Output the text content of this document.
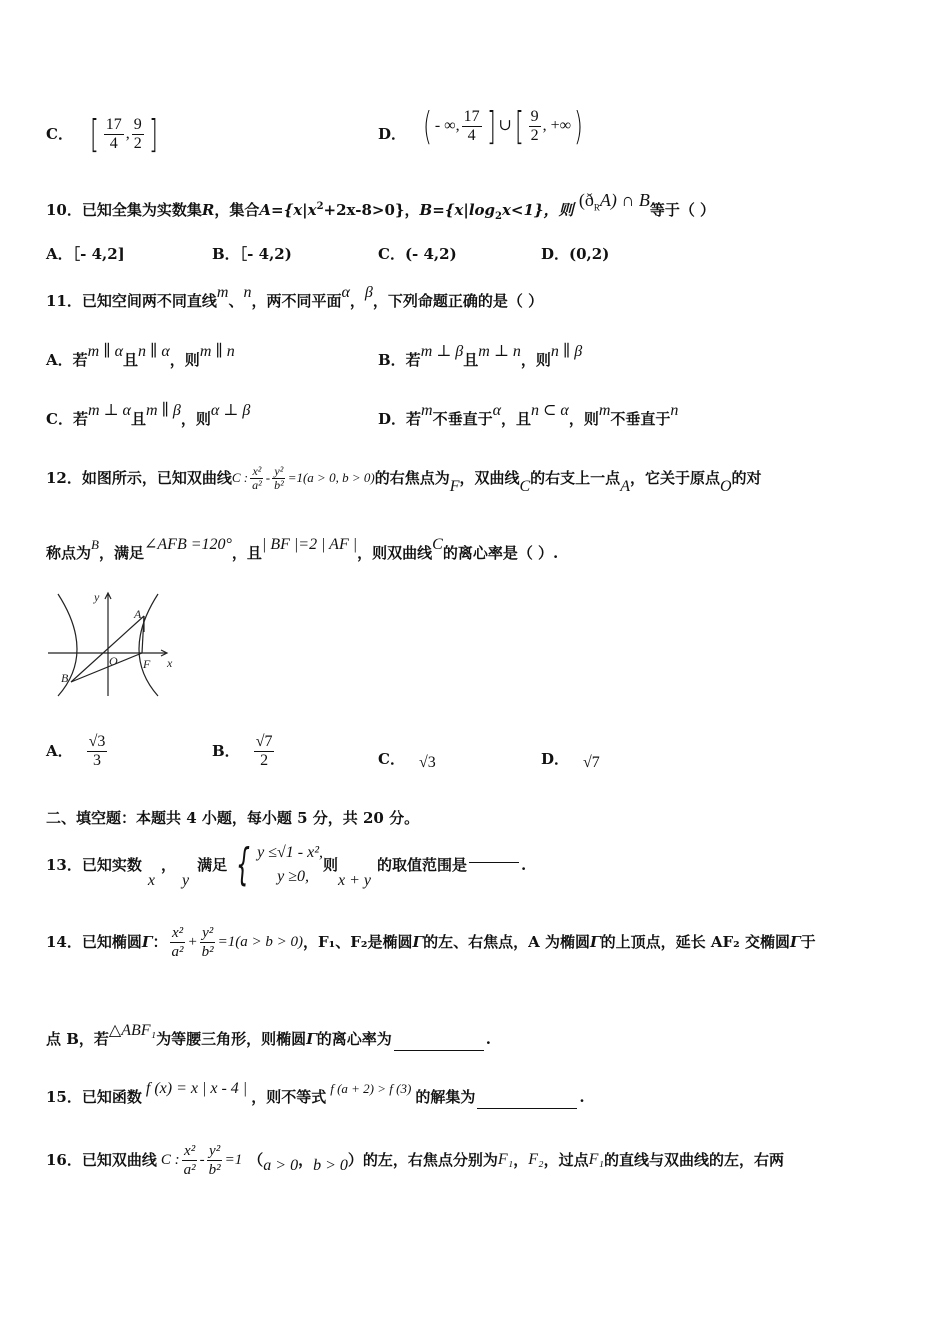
C． [ $\frac{17}{4}$ , $\frac{9}{2}$ ]	D． ( - ∞, $\frac{17}{4}$ ] ∪ [ $\frac{9}{2}$ , +∞ )
10．已知全集为实数集R，集合$A=\{x|x^2+2x-8>0\}$，$B=\{x|\log_2x<1\}$，则 $(ð_RA)$ ∩ B等于（ ）
A．［- 4,2]	B．［- 4,2)	C．(- 4,2)	D．(0,2)
11．已知空间两不同直线m、n，两不同平面α，β，下列命题正确的是（ ）
A．若m ∥ α且n ∥ α，则m ∥ n	B．若m ⊥ β且m ⊥ n，则n ∥ β
C．若m ⊥ α且m ∥ β，则α ⊥ β	D．若m不垂直于α，且n ⊂ α，则m不垂直于n
12．如图所示，已知双曲线 C : $\frac{\text{x²}}{\text{a²}} - \frac{\text{y²}}{\text{b²}} =1(a > 0$, b > 0) 的右焦点为 F ，双曲线 C 的右支上一点 A ，它关于原点 O 的对
称点为B，满足∠AFB =120°，且| BF |=2 | AF |，则双曲线C的离心率是（ ）.
y
x
A
B
O F
A． $\frac{√3}{3}$	B． $\frac{√7}{2}$	C． √3	D． √7
二、填空题：本题共 4 小题，每小题 5 分，共 20 分。
13．已知实数
x
，
y
满足 { y ≤√1 - x²,
y ≥0,
则
x + y
的取值范围是	.
14．已知椭圆 Γ ： $\frac{\text{x²}}{\text{a²}} + \frac{\text{y²}}{\text{b²}} =1(a > b > 0)$ ，F₁、F₂是椭圆 Γ 的左、右焦点，A 为椭圆 Γ 的上顶点，延长 AF₂ 交椭圆 Γ 于
点 B，若△ABF₁为等腰三角形，则椭圆Γ的离心率为	.
15．已知函数 f (x) = x | x - 4 | ，则不等式 f (a + 2) > f (3) 的解集为	.
16．已知双曲线 C : $\frac{\text{x²}}{\text{a²}} - \frac{\text{y²}}{\text{b²}} =1$ （ a > 0 ， b > 0 ）的左，右焦点分别为 F₁ ， F₂ ，过点 F₁ 的直线与双曲线的左，右两
